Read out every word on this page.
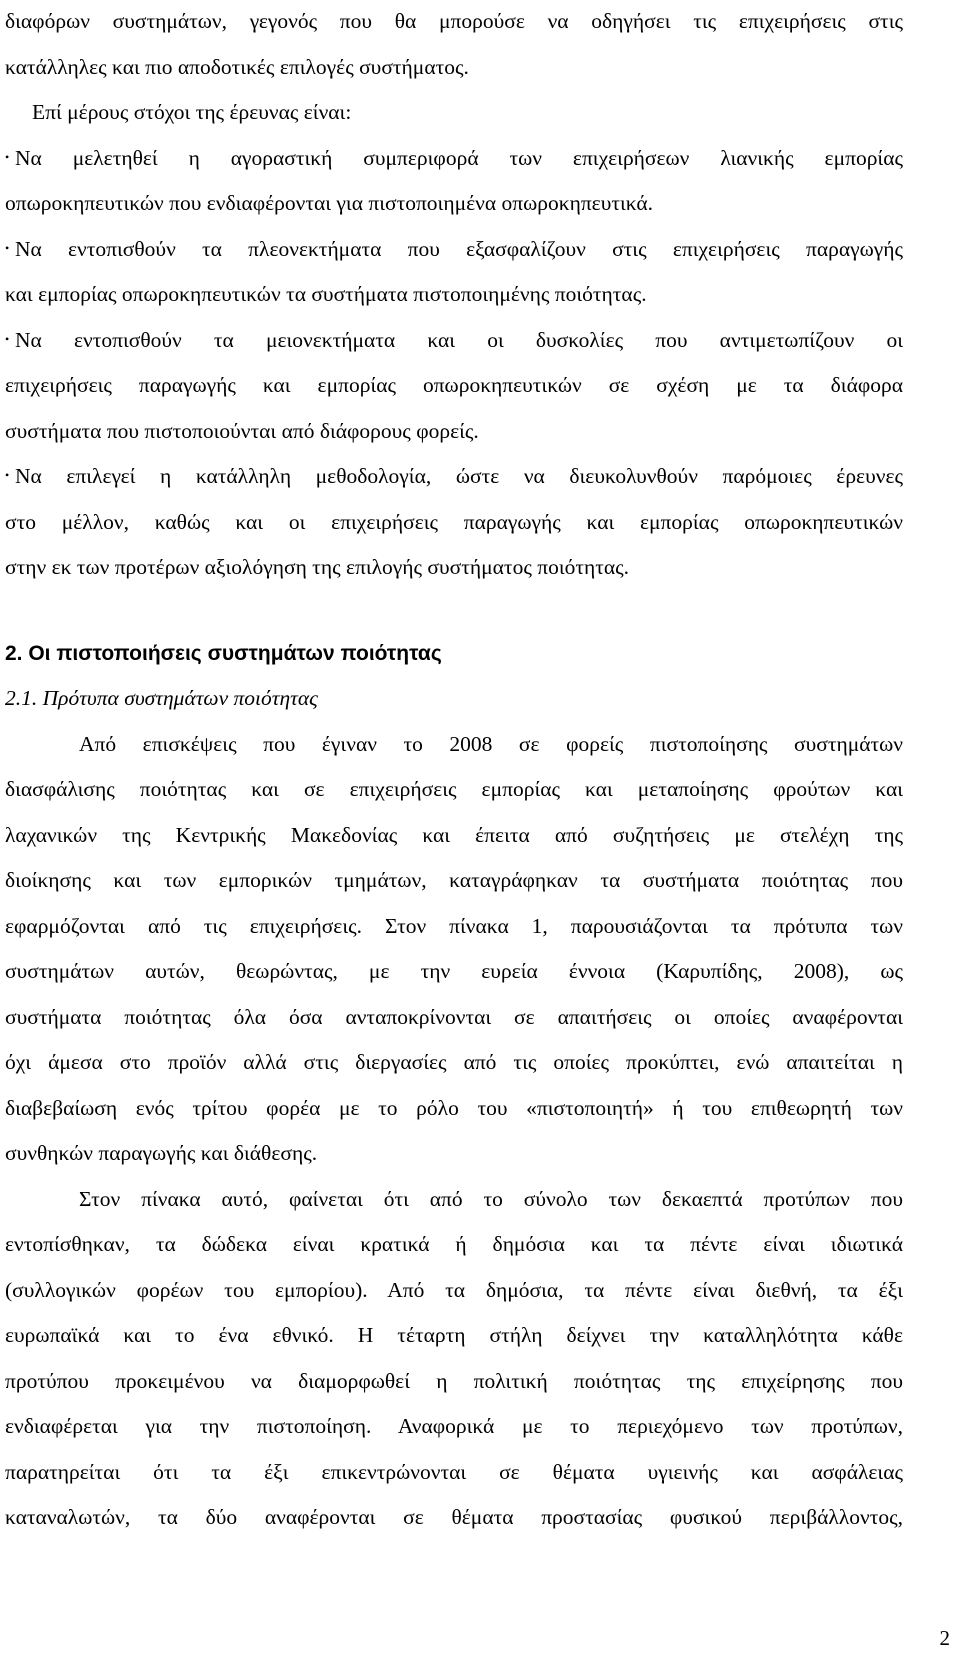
διαφόρων συστημάτων, γεγονός που θα μπορούσε να οδηγήσει τις επιχειρήσεις στις
κατάλληλες και πιο αποδοτικές επιλογές συστήματος.
Επί μέρους στόχοι της έρευνας είναι:
• Να μελετηθεί η αγοραστική συμπεριφορά των επιχειρήσεων λιανικής εμπορίας
οπωροκηπευτικών που ενδιαφέρονται για πιστοποιημένα οπωροκηπευτικά.
• Να εντοπισθούν τα πλεονεκτήματα που εξασφαλίζουν στις επιχειρήσεις παραγωγής
και εμπορίας οπωροκηπευτικών τα συστήματα πιστοποιημένης ποιότητας.
• Να εντοπισθούν τα μειονεκτήματα και οι δυσκολίες που αντιμετωπίζουν οι
επιχειρήσεις παραγωγής και εμπορίας οπωροκηπευτικών σε σχέση με τα διάφορα
συστήματα που πιστοποιούνται από διάφορους φορείς.
• Να επιλεγεί η κατάλληλη μεθοδολογία, ώστε να διευκολυνθούν παρόμοιες έρευνες
στο μέλλον, καθώς και οι επιχειρήσεις παραγωγής και εμπορίας οπωροκηπευτικών
στην εκ των προτέρων αξιολόγηση της επιλογής συστήματος ποιότητας.
2. Οι πιστοποιήσεις συστημάτων ποιότητας
2.1. Πρότυπα συστημάτων ποιότητας
Από επισκέψεις που έγιναν το 2008 σε φορείς πιστοποίησης συστημάτων
διασφάλισης ποιότητας και σε επιχειρήσεις εμπορίας και μεταποίησης φρούτων και
λαχανικών της Κεντρικής Μακεδονίας και έπειτα από συζητήσεις με στελέχη της
διοίκησης και των εμπορικών τμημάτων, καταγράφηκαν τα συστήματα ποιότητας που
εφαρμόζονται από τις επιχειρήσεις. Στον πίνακα 1, παρουσιάζονται τα πρότυπα των
συστημάτων αυτών, θεωρώντας, με την ευρεία έννοια (Καρυπίδης, 2008), ως
συστήματα ποιότητας όλα όσα ανταποκρίνονται σε απαιτήσεις οι οποίες αναφέρονται
όχι άμεσα στο προϊόν αλλά στις διεργασίες από τις οποίες προκύπτει, ενώ απαιτείται η
διαβεβαίωση ενός τρίτου φορέα με το ρόλο του «πιστοποιητή» ή του επιθεωρητή των
συνθηκών παραγωγής και διάθεσης.
Στον πίνακα αυτό, φαίνεται ότι από το σύνολο των δεκαεπτά προτύπων που
εντοπίσθηκαν, τα δώδεκα είναι κρατικά ή δημόσια και τα πέντε είναι ιδιωτικά
(συλλογικών φορέων του εμπορίου). Από τα δημόσια, τα πέντε είναι διεθνή, τα έξι
ευρωπαϊκά και το ένα εθνικό. Η τέταρτη στήλη δείχνει την καταλληλότητα κάθε
προτύπου προκειμένου να διαμορφωθεί η πολιτική ποιότητας της επιχείρησης που
ενδιαφέρεται για την πιστοποίηση. Αναφορικά με το περιεχόμενο των προτύπων,
παρατηρείται ότι τα έξι επικεντρώνονται σε θέματα υγιεινής και ασφάλειας
καταναλωτών, τα δύο αναφέρονται σε θέματα προστασίας φυσικού περιβάλλοντος,
2
